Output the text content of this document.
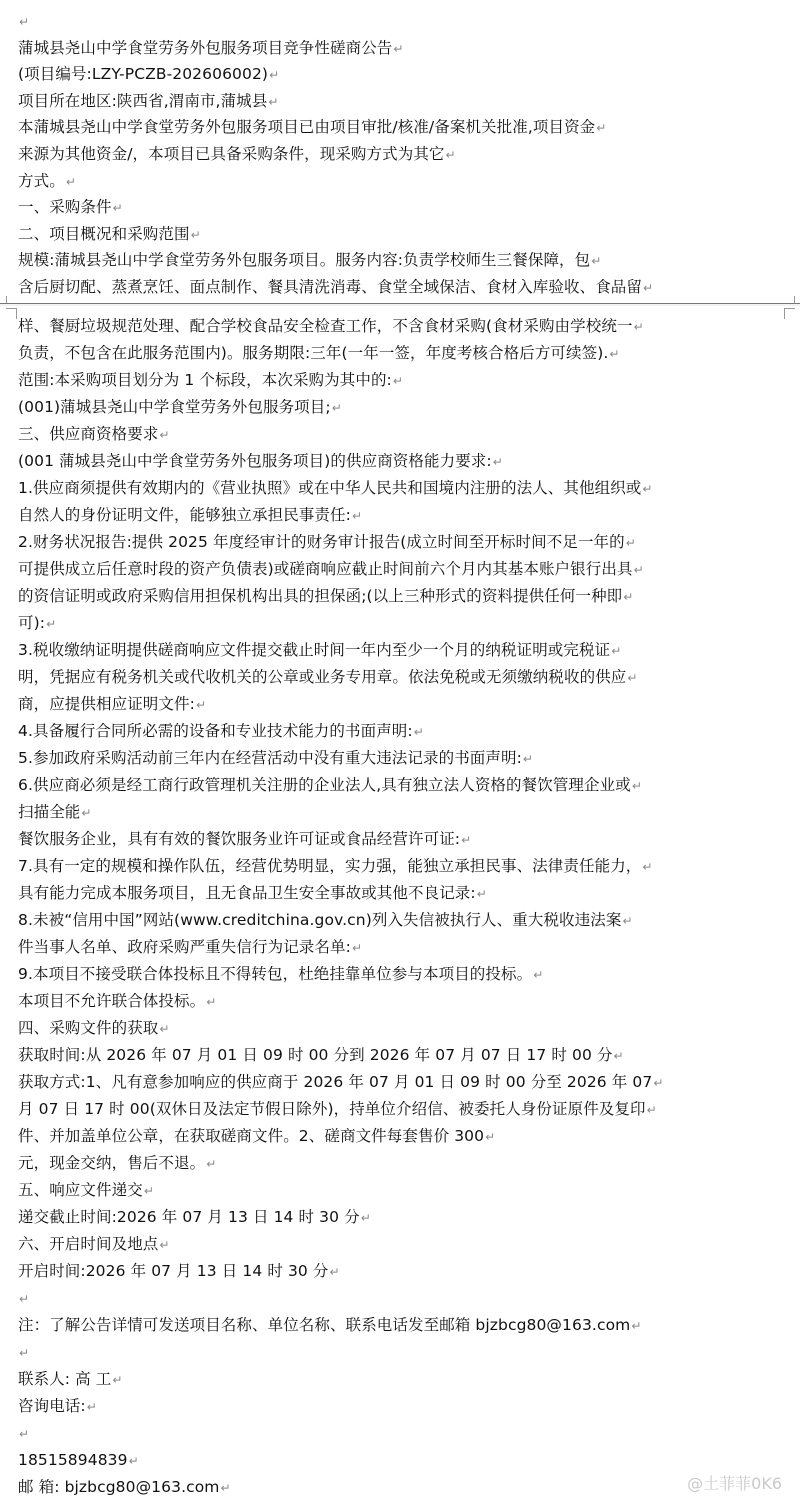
↵
蒲城县尧山中学食堂劳务外包服务项目竞争性磋商公告↵
(项目编号:LZY-PCZB-202606002)↵
项目所在地区:陕西省,渭南市,蒲城县↵
本蒲城县尧山中学食堂劳务外包服务项目已由项目审批/核准/备案机关批准,项目资金↵
来源为其他资金/，本项目已具备采购条件，现采购方式为其它↵
方式。↵
一、采购条件↵
二、项目概况和采购范围↵
规模:蒲城县尧山中学食堂劳务外包服务项目。服务内容:负责学校师生三餐保障，包↵
含后厨切配、蒸煮烹饪、面点制作、餐具清洗消毒、食堂全域保洁、食材入库验收、食品留↵
样、餐厨垃圾规范处理、配合学校食品安全检查工作，不含食材采购(食材采购由学校统一↵
负责，不包含在此服务范围内)。服务期限:三年(一年一签，年度考核合格后方可续签).↵
范围:本采购项目划分为 1 个标段，本次采购为其中的:↵
(001)蒲城县尧山中学食堂劳务外包服务项目;↵
三、供应商资格要求↵
(001 蒲城县尧山中学食堂劳务外包服务项目)的供应商资格能力要求:↵
1.供应商须提供有效期内的《营业执照》或在中华人民共和国境内注册的法人、其他组织或↵
自然人的身份证明文件，能够独立承担民事责任:↵
2.财务状况报告:提供 2025 年度经审计的财务审计报告(成立时间至开标时间不足一年的↵
可提供成立后任意时段的资产负债表)或磋商响应截止时间前六个月内其基本账户银行出具↵
的资信证明或政府采购信用担保机构出具的担保函;(以上三种形式的资料提供任何一种即↵
可):↵
3.税收缴纳证明提供磋商响应文件提交截止时间一年内至少一个月的纳税证明或完税证↵
明，凭据应有税务机关或代收机关的公章或业务专用章。依法免税或无须缴纳税收的供应↵
商，应提供相应证明文件:↵
4.具备履行合同所必需的设备和专业技术能力的书面声明:↵
5.参加政府采购活动前三年内在经营活动中没有重大违法记录的书面声明:↵
6.供应商必须是经工商行政管理机关注册的企业法人,具有独立法人资格的餐饮管理企业或↵
扫描全能↵
餐饮服务企业，具有有效的餐饮服务业许可证或食品经营许可证:↵
7.具有一定的规模和操作队伍，经营优势明显，实力强，能独立承担民事、法律责任能力，↵
具有能力完成本服务项目，且无食品卫生安全事故或其他不良记录:↵
8.未被“信用中国”网站(www.creditchina.gov.cn)列入失信被执行人、重大税收违法案↵
件当事人名单、政府采购严重失信行为记录名单:↵
9.本项目不接受联合体投标且不得转包，杜绝挂靠单位参与本项目的投标。↵
本项目不允许联合体投标。↵
四、采购文件的获取↵
获取时间:从 2026 年 07 月 01 日 09 时 00 分到 2026 年 07 月 07 日 17 时 00 分↵
获取方式:1、凡有意参加响应的供应商于 2026 年 07 月 01 日 09 时 00 分至 2026 年 07↵
月 07 日 17 时 00(双休日及法定节假日除外)，持单位介绍信、被委托人身份证原件及复印↵
件、并加盖单位公章，在获取磋商文件。2、磋商文件每套售价 300↵
元，现金交纳，售后不退。↵
五、响应文件递交↵
递交截止时间:2026 年 07 月 13 日 14 时 30 分↵
六、开启时间及地点↵
开启时间:2026 年 07 月 13 日 14 时 30 分↵
↵
注：了解公告详情可发送项目名称、单位名称、联系电话发至邮箱 bjzbcg80@163.com↵
↵
联系人: 高 工↵
咨询电话:↵
↵
18515894839↵
邮 箱: bjzbcg80@163.com↵	@土菲菲0K6
